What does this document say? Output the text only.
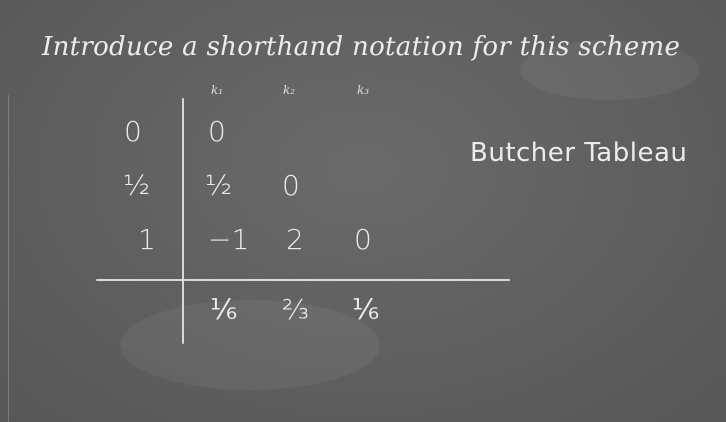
Introduce a shorthand notation for this scheme
k₁	k₂	k₃
0
½
1
0
½ 0
−1 2 0
⅙ ⅔ ⅙
Butcher Tableau
